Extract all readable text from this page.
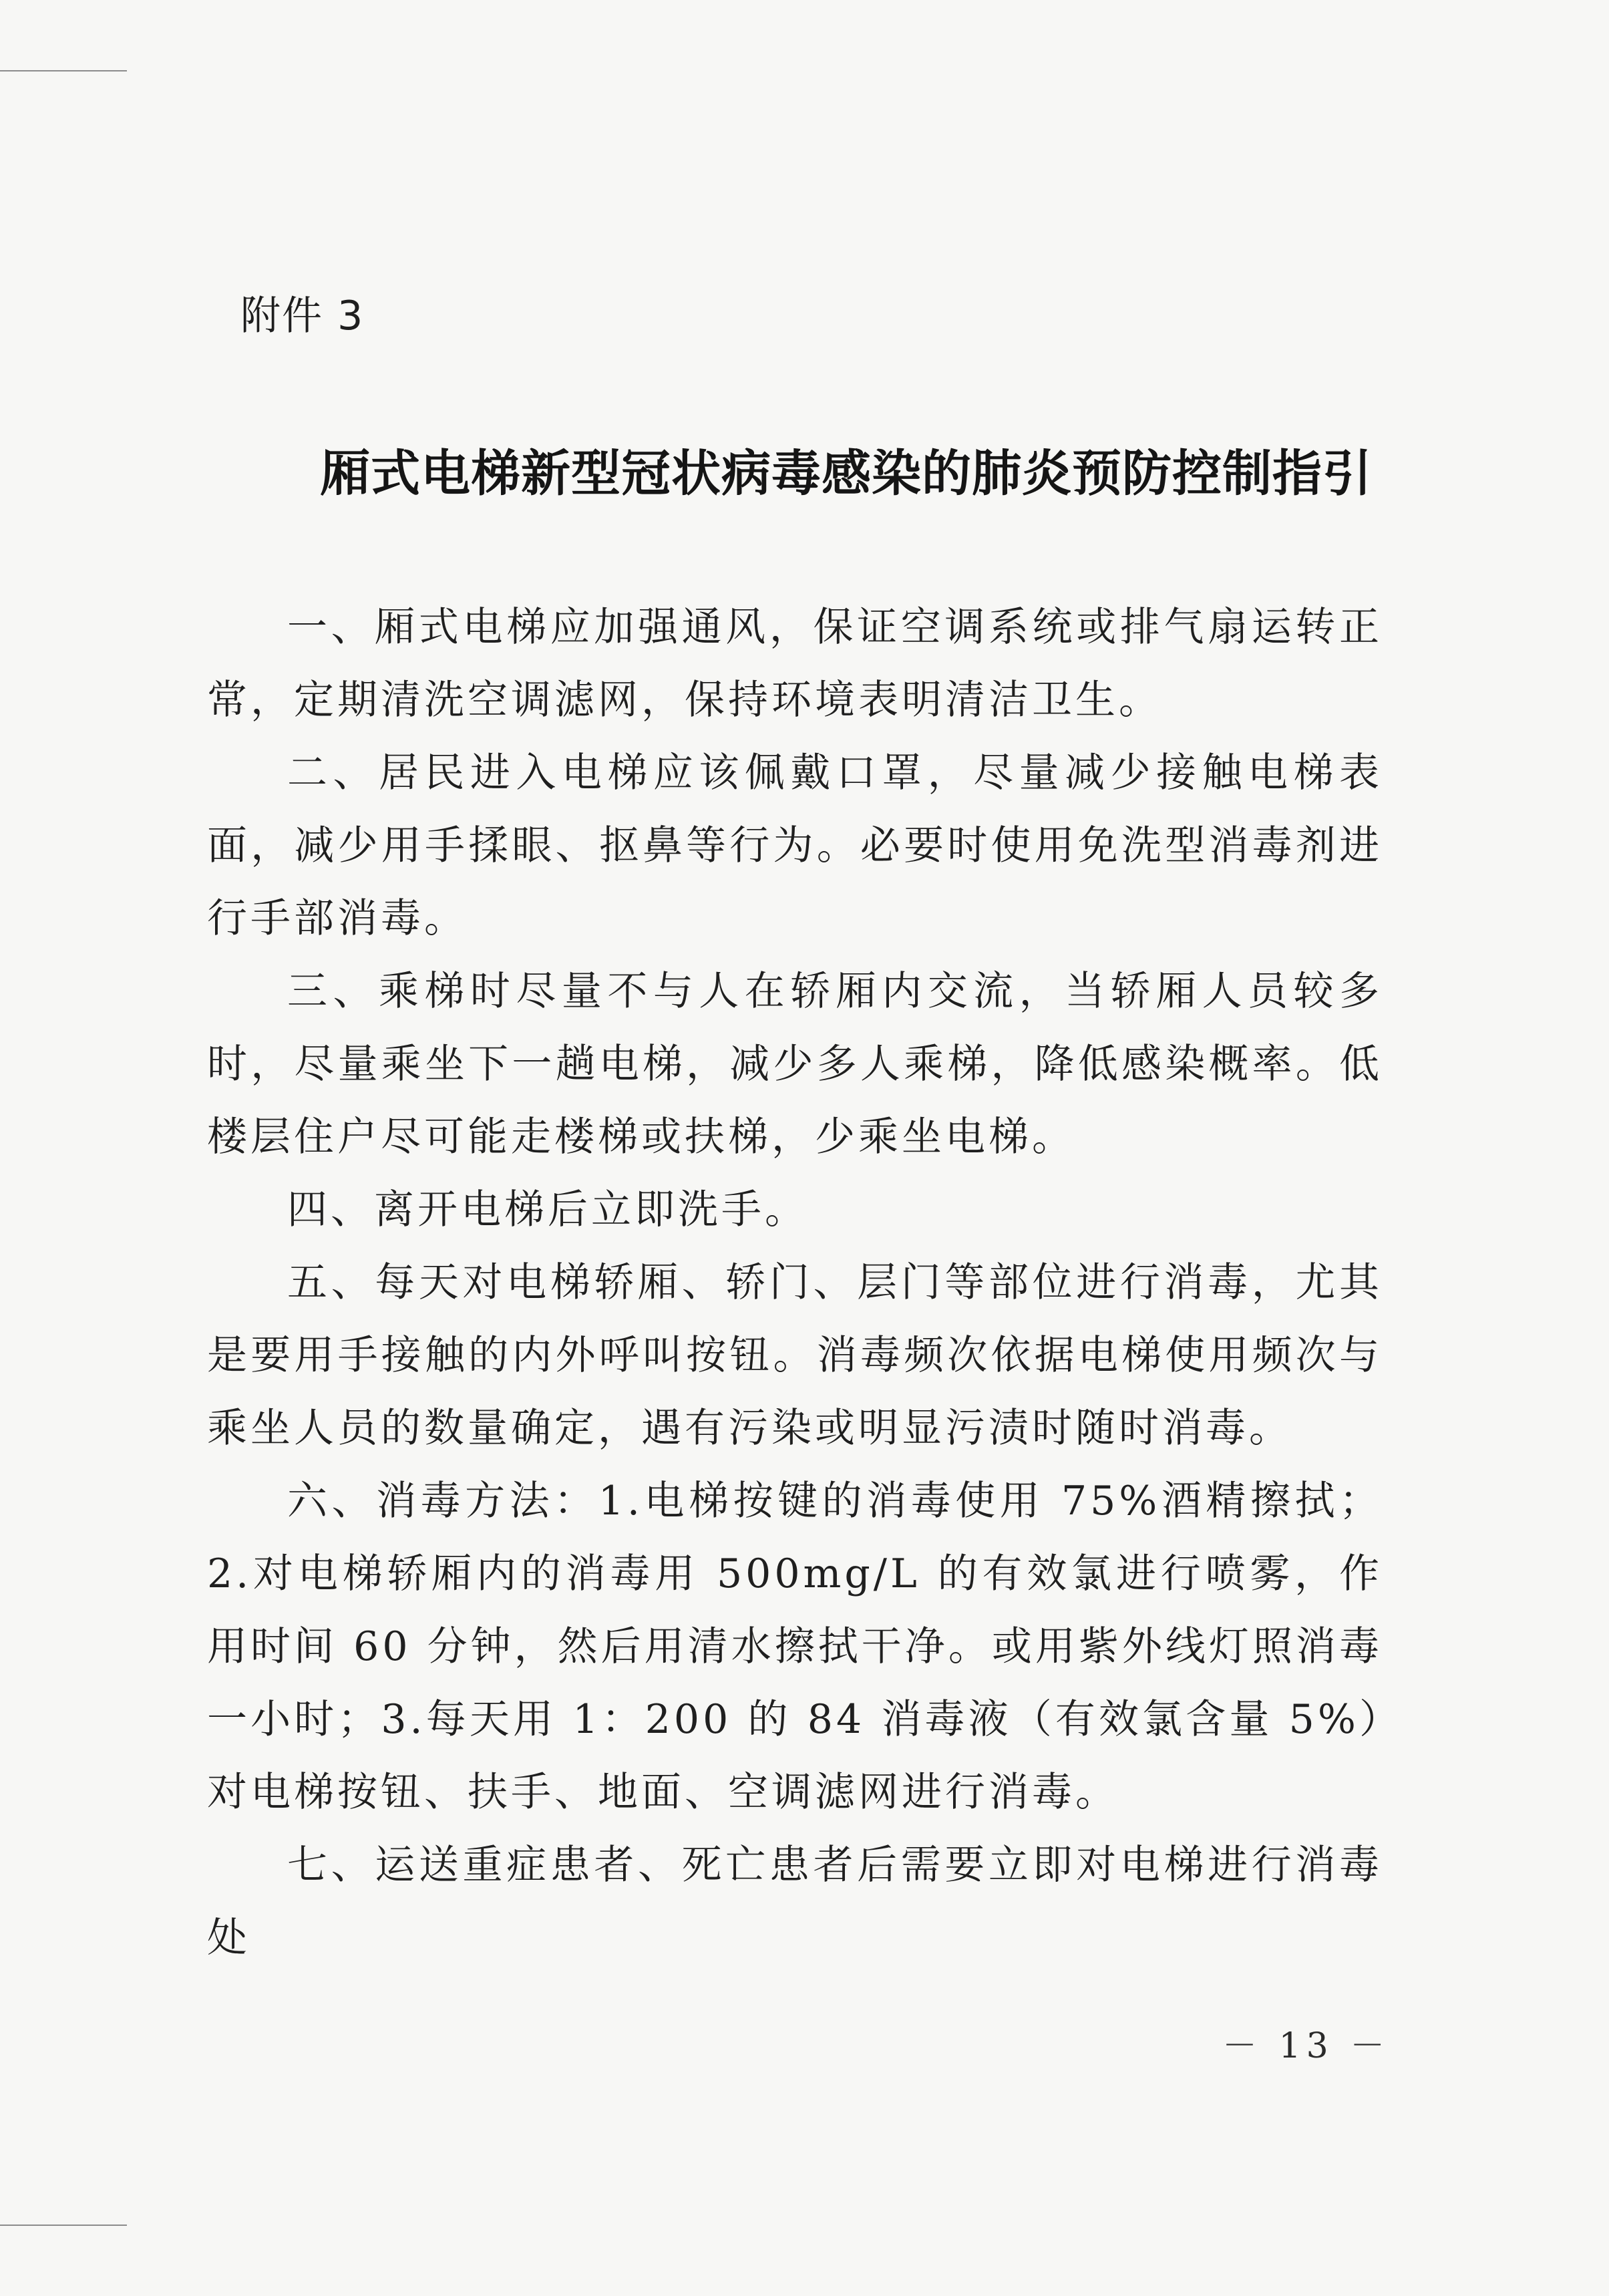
附件 3
厢式电梯新型冠状病毒感染的肺炎预防控制指引

一、厢式电梯应加强通风，保证空调系统或排气扇运转正常，定期清洗空调滤网，保持环境表明清洁卫生。

二、居民进入电梯应该佩戴口罩，尽量减少接触电梯表面，减少用手揉眼、抠鼻等行为。必要时使用免洗型消毒剂进行手部消毒。

三、乘梯时尽量不与人在轿厢内交流，当轿厢人员较多时，尽量乘坐下一趟电梯，减少多人乘梯，降低感染概率。低楼层住户尽可能走楼梯或扶梯，少乘坐电梯。

四、离开电梯后立即洗手。

五、每天对电梯轿厢、轿门、层门等部位进行消毒，尤其是要用手接触的内外呼叫按钮。消毒频次依据电梯使用频次与乘坐人员的数量确定，遇有污染或明显污渍时随时消毒。

六、消毒方法：1.电梯按键的消毒使用 75%酒精擦拭；2.对电梯轿厢内的消毒用 500mg/L 的有效氯进行喷雾，作用时间 60 分钟，然后用清水擦拭干净。或用紫外线灯照消毒一小时；3.每天用 1：200 的 84 消毒液（有效氯含量 5%）对电梯按钮、扶手、地面、空调滤网进行消毒。

七、运送重症患者、死亡患者后需要立即对电梯进行消毒处

－ 13 －
